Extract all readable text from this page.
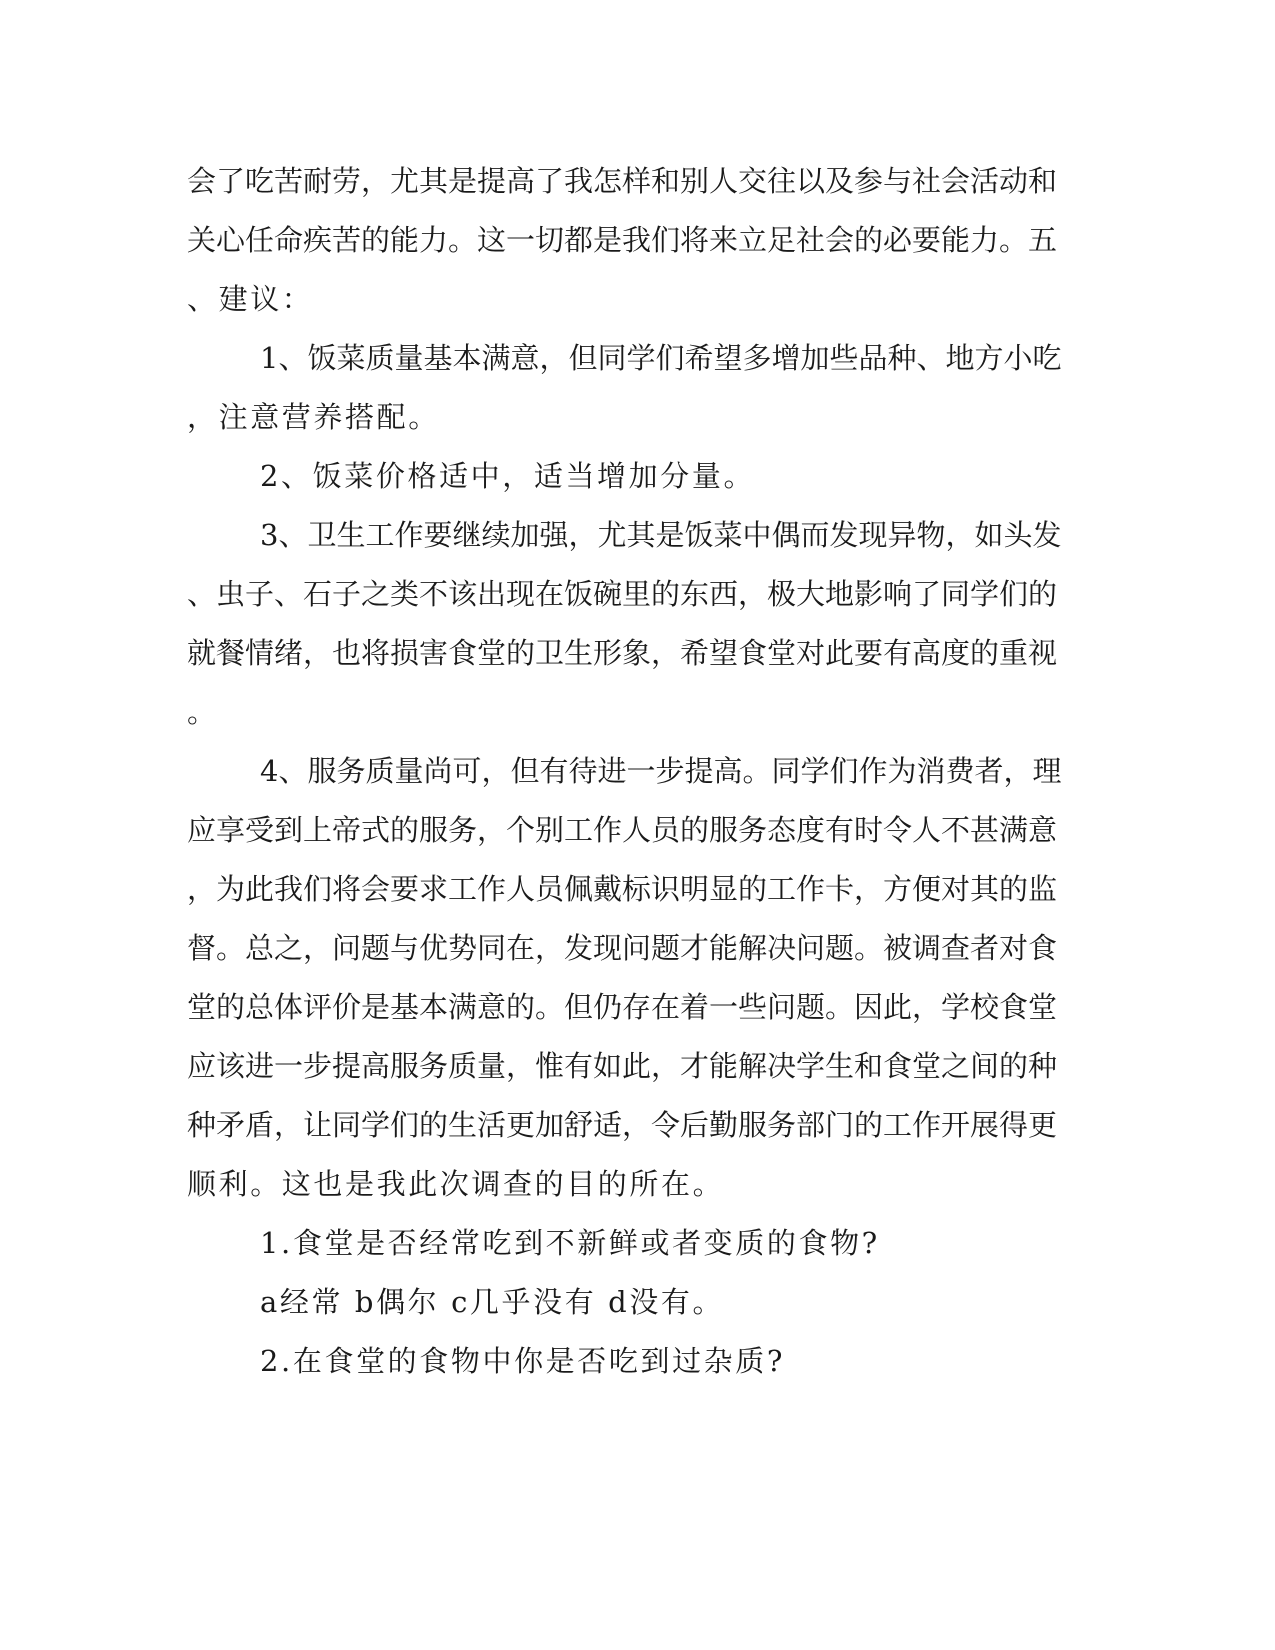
会了吃苦耐劳，尤其是提高了我怎样和别人交往以及参与社会活动和
关心任命疾苦的能力。这一切都是我们将来立足社会的必要能力。五
、建议：
1、饭菜质量基本满意，但同学们希望多增加些品种、地方小吃
，注意营养搭配。
2、饭菜价格适中，适当增加分量。
3、卫生工作要继续加强，尤其是饭菜中偶而发现异物，如头发
、虫子、石子之类不该出现在饭碗里的东西，极大地影响了同学们的
就餐情绪，也将损害食堂的卫生形象，希望食堂对此要有高度的重视
。
4、服务质量尚可，但有待进一步提高。同学们作为消费者，理
应享受到上帝式的服务，个别工作人员的服务态度有时令人不甚满意
，为此我们将会要求工作人员佩戴标识明显的工作卡，方便对其的监
督。总之，问题与优势同在，发现问题才能解决问题。被调查者对食
堂的总体评价是基本满意的。但仍存在着一些问题。因此，学校食堂
应该进一步提高服务质量，惟有如此，才能解决学生和食堂之间的种
种矛盾，让同学们的生活更加舒适，令后勤服务部门的工作开展得更
顺利。这也是我此次调查的目的所在。
1.食堂是否经常吃到不新鲜或者变质的食物?
a经常 b偶尔 c几乎没有 d没有。
2.在食堂的食物中你是否吃到过杂质?
